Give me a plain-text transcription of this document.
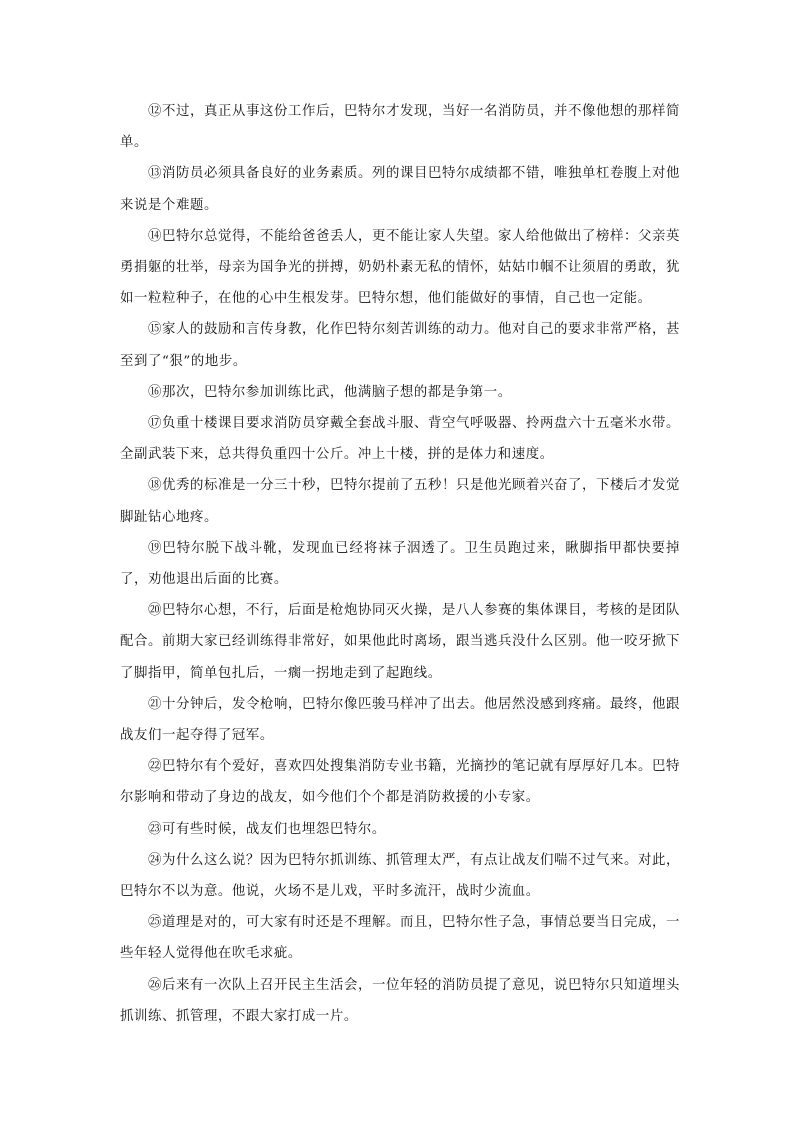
⑫不过，真正从事这份工作后，巴特尔才发现，当好一名消防员，并不像他想的那样简单。

⑬消防员必须具备良好的业务素质。列的课目巴特尔成绩都不错，唯独单杠卷腹上对他来说是个难题。

⑭巴特尔总觉得，不能给爸爸丢人，更不能让家人失望。家人给他做出了榜样：父亲英勇捐躯的壮举，母亲为国争光的拼搏，奶奶朴素无私的情怀，姑姑巾帼不让须眉的勇敢，犹如一粒粒种子，在他的心中生根发芽。巴特尔想，他们能做好的事情，自己也一定能。

⑮家人的鼓励和言传身教，化作巴特尔刻苦训练的动力。他对自己的要求非常严格，甚至到了“狠”的地步。

⑯那次，巴特尔参加训练比武，他满脑子想的都是争第一。

⑰负重十楼课目要求消防员穿戴全套战斗服、背空气呼吸器、拎两盘六十五毫米水带。全副武装下来，总共得负重四十公斤。冲上十楼，拼的是体力和速度。

⑱优秀的标准是一分三十秒，巴特尔提前了五秒！只是他光顾着兴奋了，下楼后才发觉脚趾钻心地疼。

⑲巴特尔脱下战斗靴，发现血已经将袜子洇透了。卫生员跑过来，瞅脚指甲都快要掉了，劝他退出后面的比赛。

⑳巴特尔心想，不行，后面是枪炮协同灭火操，是八人参赛的集体课目，考核的是团队配合。前期大家已经训练得非常好，如果他此时离场，跟当逃兵没什么区别。他一咬牙掀下了脚指甲，简单包扎后，一瘸一拐地走到了起跑线。

㉑十分钟后，发令枪响，巴特尔像匹骏马样冲了出去。他居然没感到疼痛。最终，他跟战友们一起夺得了冠军。

㉒巴特尔有个爱好，喜欢四处搜集消防专业书籍，光摘抄的笔记就有厚厚好几本。巴特尔影响和带动了身边的战友，如今他们个个都是消防救援的小专家。

㉓可有些时候，战友们也埋怨巴特尔。

㉔为什么这么说？因为巴特尔抓训练、抓管理太严，有点让战友们喘不过气来。对此，巴特尔不以为意。他说，火场不是儿戏，平时多流汗，战时少流血。

㉕道理是对的，可大家有时还是不理解。而且，巴特尔性子急，事情总要当日完成，一些年轻人觉得他在吹毛求疵。

㉖后来有一次队上召开民主生活会，一位年轻的消防员提了意见，说巴特尔只知道埋头抓训练、抓管理，不跟大家打成一片。
